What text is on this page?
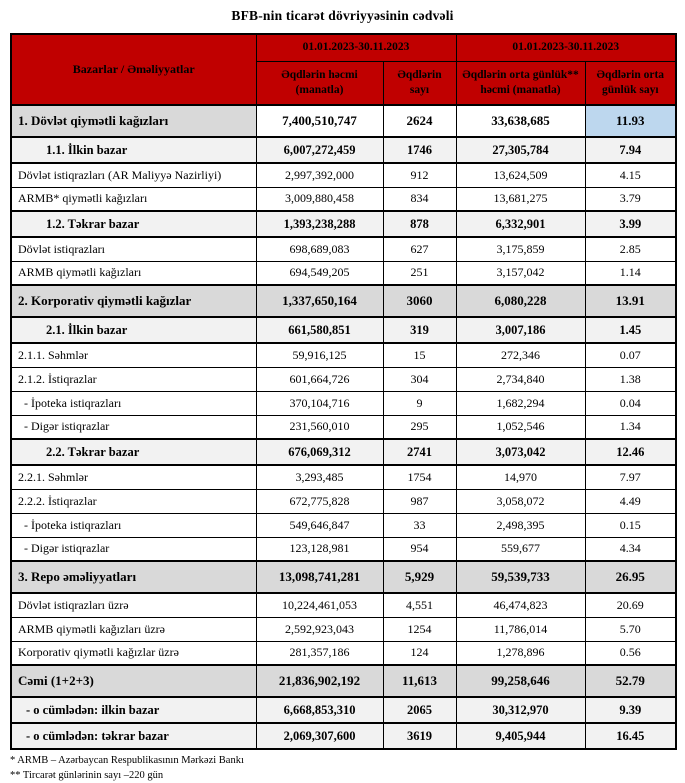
BFB-nin ticarət dövriyyəsinin cədvəli
Bazarlar / Əməliyyatlar	01.01.2023-30.11.2023		01.01.2023-30.11.2023	
	Əqdlərin həcmi (manatla)	Əqdlərin sayı	Əqdlərin orta günlük** həcmi (manatla)	Əqdlərin orta günlük sayı
1. Dövlət qiymətli kağızları	7,400,510,747	2624	33,638,685	11.93
1.1. İlkin bazar	6,007,272,459	1746	27,305,784	7.94
Dövlət istiqrazları (AR Maliyyə Nazirliyi)	2,997,392,000	912	13,624,509	4.15
ARMB* qiymətli kağızları	3,009,880,458	834	13,681,275	3.79
1.2. Təkrar bazar	1,393,238,288	878	6,332,901	3.99
Dövlət istiqrazları	698,689,083	627	3,175,859	2.85
ARMB qiymətli kağızları	694,549,205	251	3,157,042	1.14
2. Korporativ qiymətli kağızlar	1,337,650,164	3060	6,080,228	13.91
2.1. İlkin bazar	661,580,851	319	3,007,186	1.45
2.1.1. Səhmlər	59,916,125	15	272,346	0.07
2.1.2. İstiqrazlar	601,664,726	304	2,734,840	1.38
- İpoteka istiqrazları	370,104,716	9	1,682,294	0.04
- Digər istiqrazlar	231,560,010	295	1,052,546	1.34
2.2. Təkrar bazar	676,069,312	2741	3,073,042	12.46
2.2.1. Səhmlər	3,293,485	1754	14,970	7.97
2.2.2. İstiqrazlar	672,775,828	987	3,058,072	4.49
- İpoteka istiqrazları	549,646,847	33	2,498,395	0.15
- Digər istiqrazlar	123,128,981	954	559,677	4.34
3. Repo əməliyyatları	13,098,741,281	5,929	59,539,733	26.95
Dövlət istiqrazları üzrə	10,224,461,053	4,551	46,474,823	20.69
ARMB qiymətli kağızları üzrə	2,592,923,043	1254	11,786,014	5.70
Korporativ qiymətli kağızlar üzrə	281,357,186	124	1,278,896	0.56
Cəmi (1+2+3)	21,836,902,192	11,613	99,258,646	52.79
- o cümlədən: ilkin bazar	6,668,853,310	2065	30,312,970	9.39
- o cümlədən: təkrar bazar	2,069,307,600	3619	9,405,944	16.45
* ARMB – Azərbaycan Respublikasının Mərkəzi Bankı
** Tircarət günlərinin sayı –220 gün
